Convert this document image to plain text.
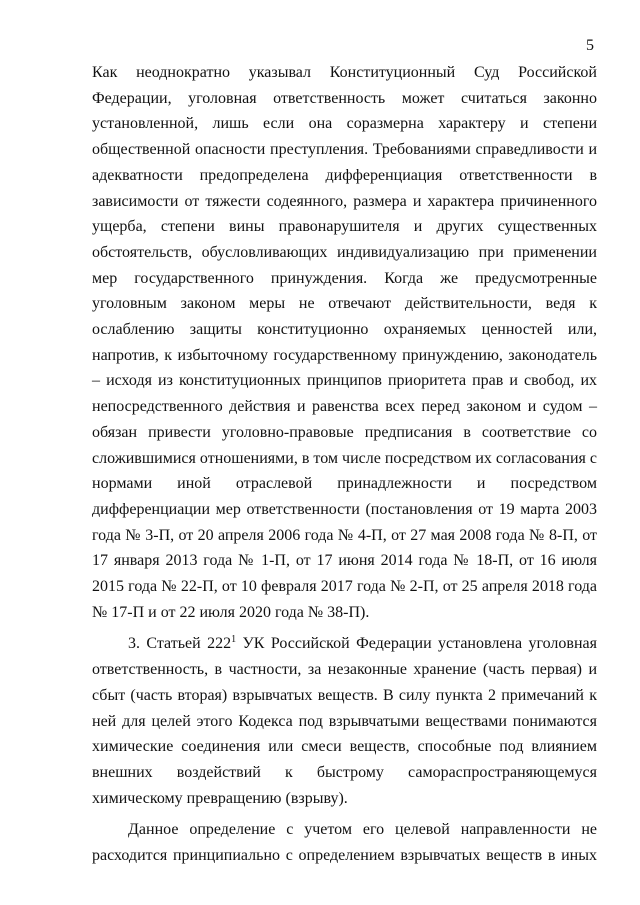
5

Как неоднократно указывал Конституционный Суд Российской Федерации, уголовная ответственность может считаться законно установленной, лишь если она соразмерна характеру и степени общественной опасности преступления. Требованиями справедливости и адекватности предопределена дифференциация ответственности в зависимости от тяжести содеянного, размера и характера причиненного ущерба, степени вины правонарушителя и других существенных обстоятельств, обусловливающих индивидуализацию при применении мер государственного принуждения. Когда же предусмотренные уголовным законом меры не отвечают действительности, ведя к ослаблению защиты конституционно охраняемых ценностей или, напротив, к избыточному государственному принуждению, законодатель – исходя из конституционных принципов приоритета прав и свобод, их непосредственного действия и равенства всех перед законом и судом – обязан привести уголовно-правовые предписания в соответствие со сложившимися отношениями, в том числе посредством их согласования с нормами иной отраслевой принадлежности и посредством дифференциации мер ответственности (постановления от 19 марта 2003 года № 3-П, от 20 апреля 2006 года № 4-П, от 27 мая 2008 года № 8-П, от 17 января 2013 года № 1-П, от 17 июня 2014 года № 18-П, от 16 июля 2015 года № 22-П, от 10 февраля 2017 года № 2-П, от 25 апреля 2018 года № 17-П и от 22 июля 2020 года № 38-П).

3. Статьей $222^1$ УК Российской Федерации установлена уголовная ответственность, в частности, за незаконные хранение (часть первая) и сбыт (часть вторая) взрывчатых веществ. В силу пункта 2 примечаний к ней для целей этого Кодекса под взрывчатыми веществами понимаются химические соединения или смеси веществ, способные под влиянием внешних воздействий к быстрому самораспространяющемуся химическому превращению (взрыву).

Данное определение с учетом его целевой направленности не расходится принципиально с определением взрывчатых веществ в иных
